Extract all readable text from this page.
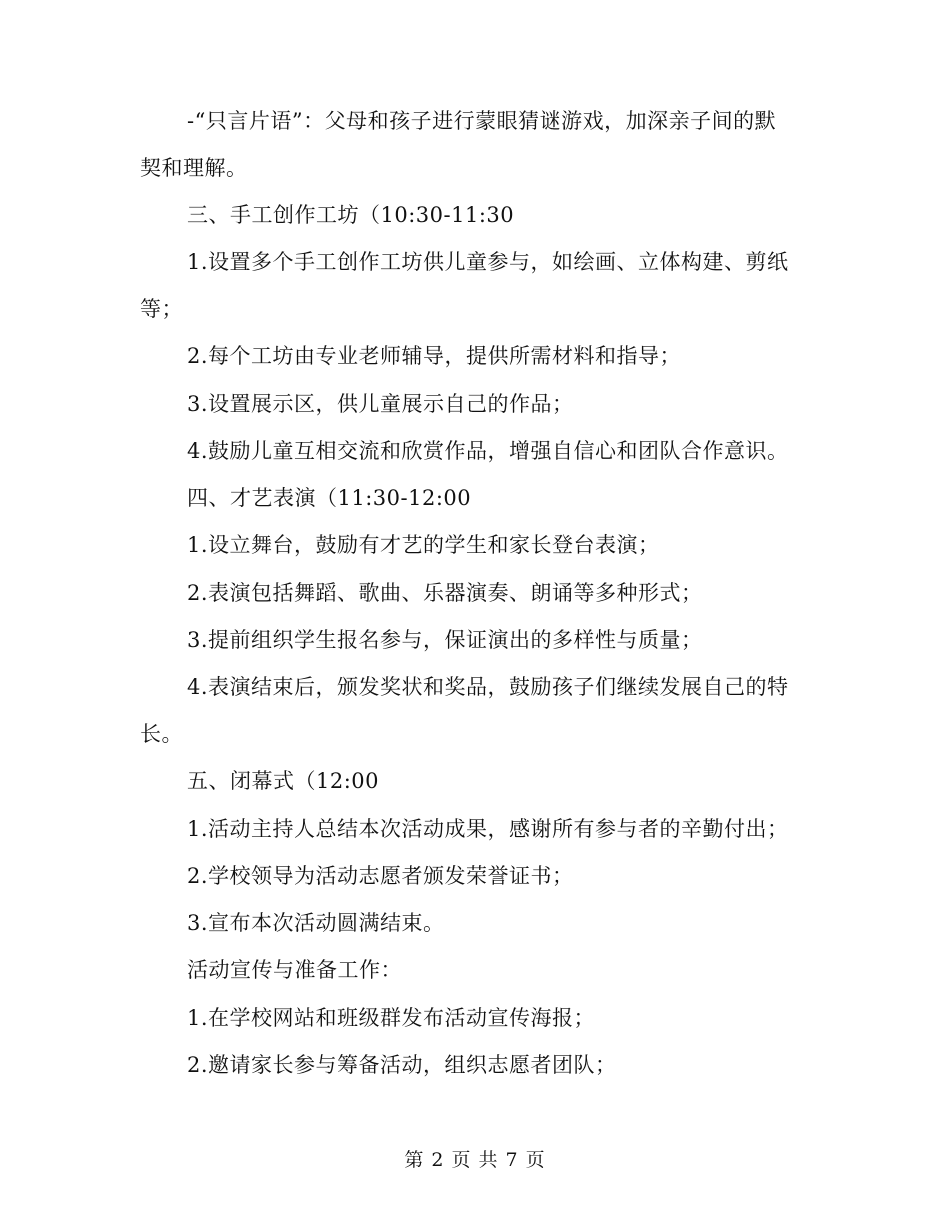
-“只言片语”：父母和孩子进行蒙眼猜谜游戏，加深亲子间的默
契和理解。
三、手工创作工坊（10:30-11:30
1.设置多个手工创作工坊供儿童参与，如绘画、立体构建、剪纸
等；
2.每个工坊由专业老师辅导，提供所需材料和指导；
3.设置展示区，供儿童展示自己的作品；
4.鼓励儿童互相交流和欣赏作品，增强自信心和团队合作意识。
四、才艺表演（11:30-12:00
1.设立舞台，鼓励有才艺的学生和家长登台表演；
2.表演包括舞蹈、歌曲、乐器演奏、朗诵等多种形式；
3.提前组织学生报名参与，保证演出的多样性与质量；
4.表演结束后，颁发奖状和奖品，鼓励孩子们继续发展自己的特
长。
五、闭幕式（12:00
1.活动主持人总结本次活动成果，感谢所有参与者的辛勤付出；
2.学校领导为活动志愿者颁发荣誉证书；
3.宣布本次活动圆满结束。
活动宣传与准备工作：
1.在学校网站和班级群发布活动宣传海报；
2.邀请家长参与筹备活动，组织志愿者团队；
第 2 页 共 7 页
